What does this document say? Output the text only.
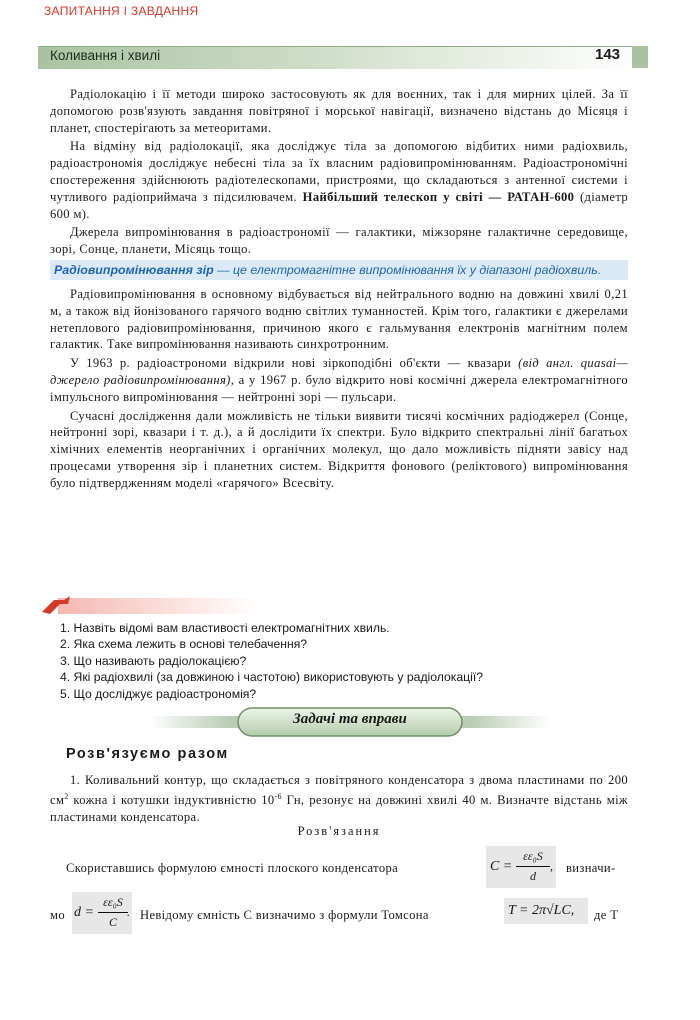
Коливання і хвилі	143

Радіолокацію і її методи широко застосовують як для воєнних, так і для мирних цілей. За її допомогою розв'язують завдання повітряної і морської навігації, визначено відстань до Місяця і планет, спостерігають за метеоритами.

На відміну від радіолокації, яка досліджує тіла за допомогою відбитих ними радіохвиль, радіоастрономія досліджує небесні тіла за їх власним радіовипромінюванням. Радіоастрономічні спостереження здійснюють радіотелескопами, пристроями, що складаються з антенної системи і чутливого радіоприймача з підсилювачем. Найбільший телескоп у світі — РАТАН-600 (діаметр 600 м).

Джерела випромінювання в радіоастрономії — галактики, міжзоряне галактичне середовище, зорі, Сонце, планети, Місяць тощо.

Радіовипромінювання зір — це електромагнітне випромінювання їх у діапазоні радіохвиль.

Радіовипромінювання в основному відбувається від нейтрального водню на довжині хвилі 0,21 м, а також від йонізованого гарячого водню світлих туманностей. Крім того, галактики є джерелами нетеплового радіовипромінювання, причиною якого є гальмування електронів магнітним полем галактик. Таке випромінювання називають синхротронним.

У 1963 р. радіоастрономи відкрили нові зіркоподібні об'єкти — квазари (від англ. quasai— джерело радіовипромінювання), а у 1967 р. було відкрито нові космічні джерела електромагнітного імпульсного випромінювання — нейтронні зорі — пульсари.

Сучасні дослідження дали можливість не тільки виявити тисячі космічних радіоджерел (Сонце, нейтронні зорі, квазари і т. д.), а й дослідити їх спектри. Було відкрито спектральні лінії багатьох хімічних елементів неорганічних і органічних молекул, що дало можливість підняти завісу над процесами утворення зір і планетних систем. Відкриття фонового (реліктового) випромінювання було підтвердженням моделі «гарячого» Всесвіту.

ЗАПИТАННЯ І ЗАВДАННЯ
1. Назвіть відомі вам властивості електромагнітних хвиль.
2. Яка схема лежить в основі телебачення?
3. Що називають радіолокацією?
4. Які радіохвилі (за довжиною і частотою) використовують у радіолокації?
5. Що досліджує радіоастрономія?
Задачі та вправи
Розв'язуємо разом

1. Коливальний контур, що складається з повітряного конденсатора з двома пластинами по 200 $см^2$ кожна і котушки індуктивністю $10^{-6}$ Гн, резонує на довжині хвилі 40 м. Визначте відстань між пластинами конденсатора.

Розв'язання
Скориставшись формулою ємності плоского конденсатора	C =
εε₀S
d
, визначи-
мо d =
εε₀S
C
. Невідому ємність С визначимо з формули Томсона	T = 2π√LC,	де T
